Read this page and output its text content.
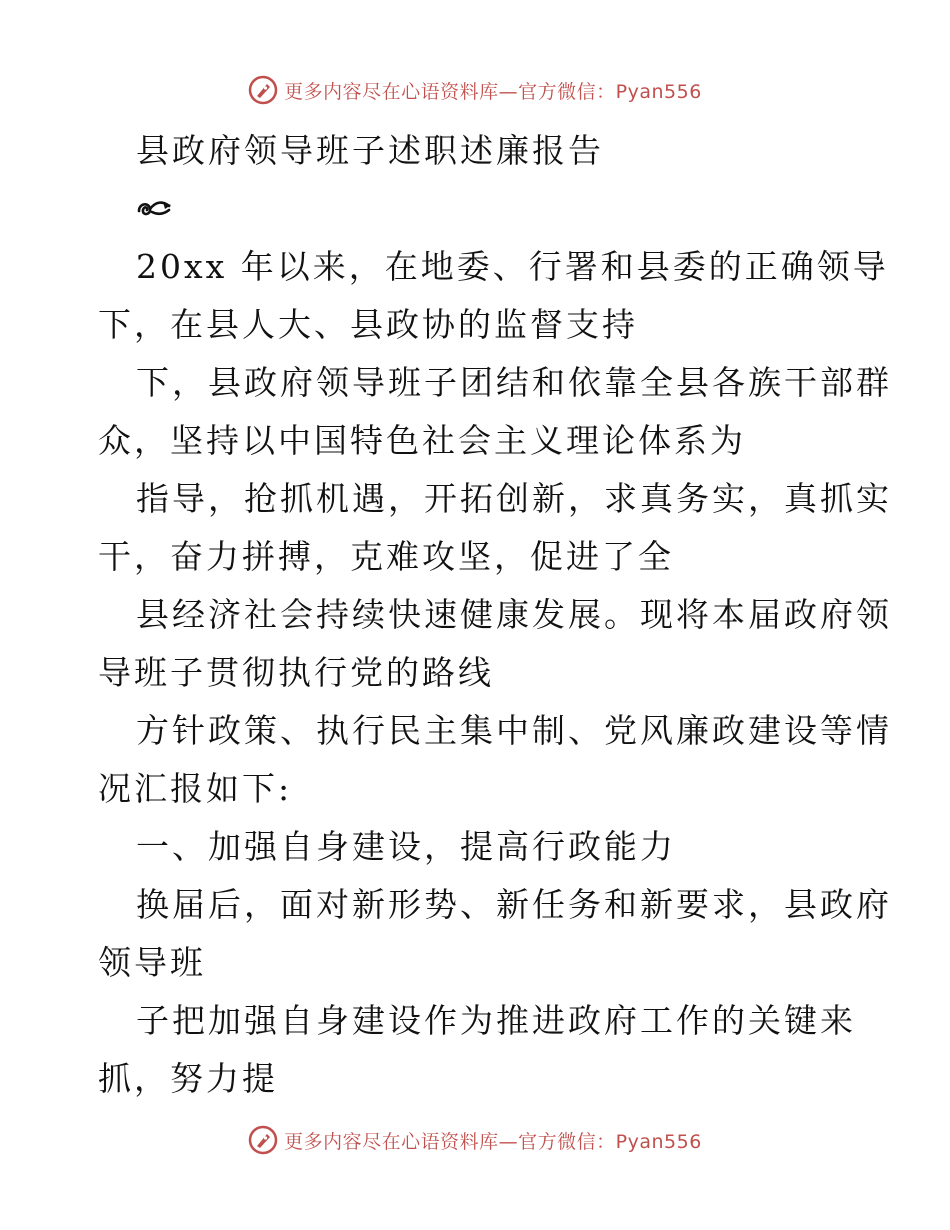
更多内容尽在心语资料库—官方微信：Pyan556
县政府领导班子述职述廉报告
20xx 年以来，在地委、行署和县委的正确领导
下，在县人大、县政协的监督支持
下，县政府领导班子团结和依靠全县各族干部群
众，坚持以中国特色社会主义理论体系为
指导，抢抓机遇，开拓创新，求真务实，真抓实
干，奋力拼搏，克难攻坚，促进了全
县经济社会持续快速健康发展。现将本届政府领
导班子贯彻执行党的路线
方针政策、执行民主集中制、党风廉政建设等情
况汇报如下:
一、加强自身建设，提高行政能力
换届后，面对新形势、新任务和新要求，县政府
领导班
子把加强自身建设作为推进政府工作的关键来
抓，努力提
更多内容尽在心语资料库—官方微信：Pyan556
